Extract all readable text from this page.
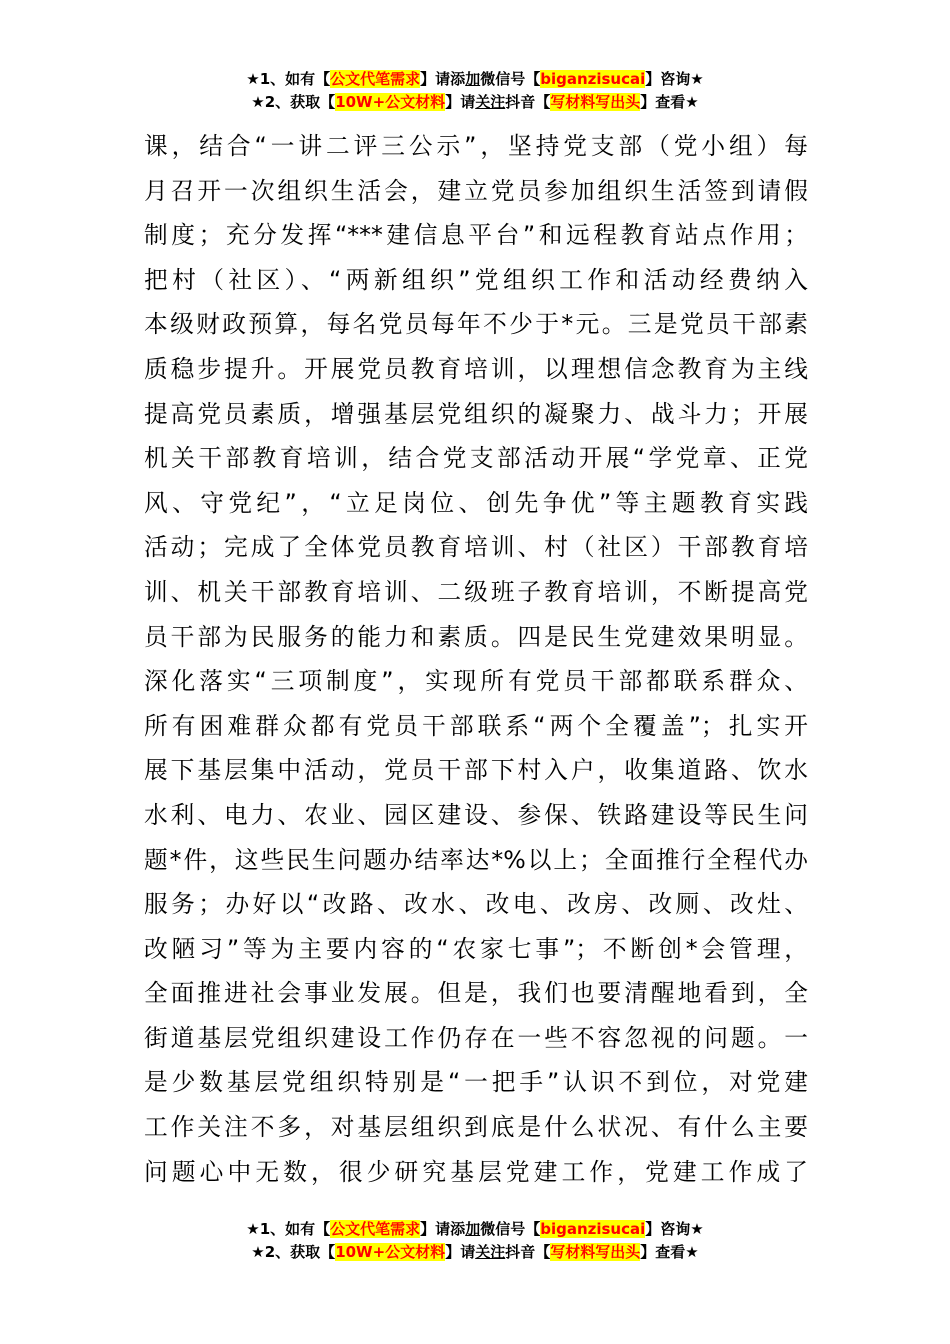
★1、如有【公文代笔需求】请添加微信号【biganzisucai】咨询★
★2、获取【10W+公文材料】请关注抖音【写材料写出头】查看★
课，结合“一讲二评三公示”，坚持党支部（党小组）每
月召开一次组织生活会，建立党员参加组织生活签到请假
制度；充分发挥“***建信息平台”和远程教育站点作用；
把村（社区）、“两新组织”党组织工作和活动经费纳入
本级财政预算，每名党员每年不少于*元。三是党员干部素
质稳步提升。开展党员教育培训，以理想信念教育为主线
提高党员素质，增强基层党组织的凝聚力、战斗力；开展
机关干部教育培训，结合党支部活动开展“学党章、正党
风、守党纪”，“立足岗位、创先争优”等主题教育实践
活动；完成了全体党员教育培训、村（社区）干部教育培
训、机关干部教育培训、二级班子教育培训，不断提高党
员干部为民服务的能力和素质。四是民生党建效果明显。
深化落实“三项制度”，实现所有党员干部都联系群众、
所有困难群众都有党员干部联系“两个全覆盖”；扎实开
展下基层集中活动，党员干部下村入户，收集道路、饮水
水利、电力、农业、园区建设、参保、铁路建设等民生问
题*件，这些民生问题办结率达*%以上；全面推行全程代办
服务；办好以“改路、改水、改电、改房、改厕、改灶、
改陋习”等为主要内容的“农家七事”；不断创*会管理，
全面推进社会事业发展。但是，我们也要清醒地看到，全
街道基层党组织建设工作仍存在一些不容忽视的问题。一
是少数基层党组织特别是“一把手”认识不到位，对党建
工作关注不多，对基层组织到底是什么状况、有什么主要
问题心中无数，很少研究基层党建工作，党建工作成了
★1、如有【公文代笔需求】请添加微信号【biganzisucai】咨询★
★2、获取【10W+公文材料】请关注抖音【写材料写出头】查看★
